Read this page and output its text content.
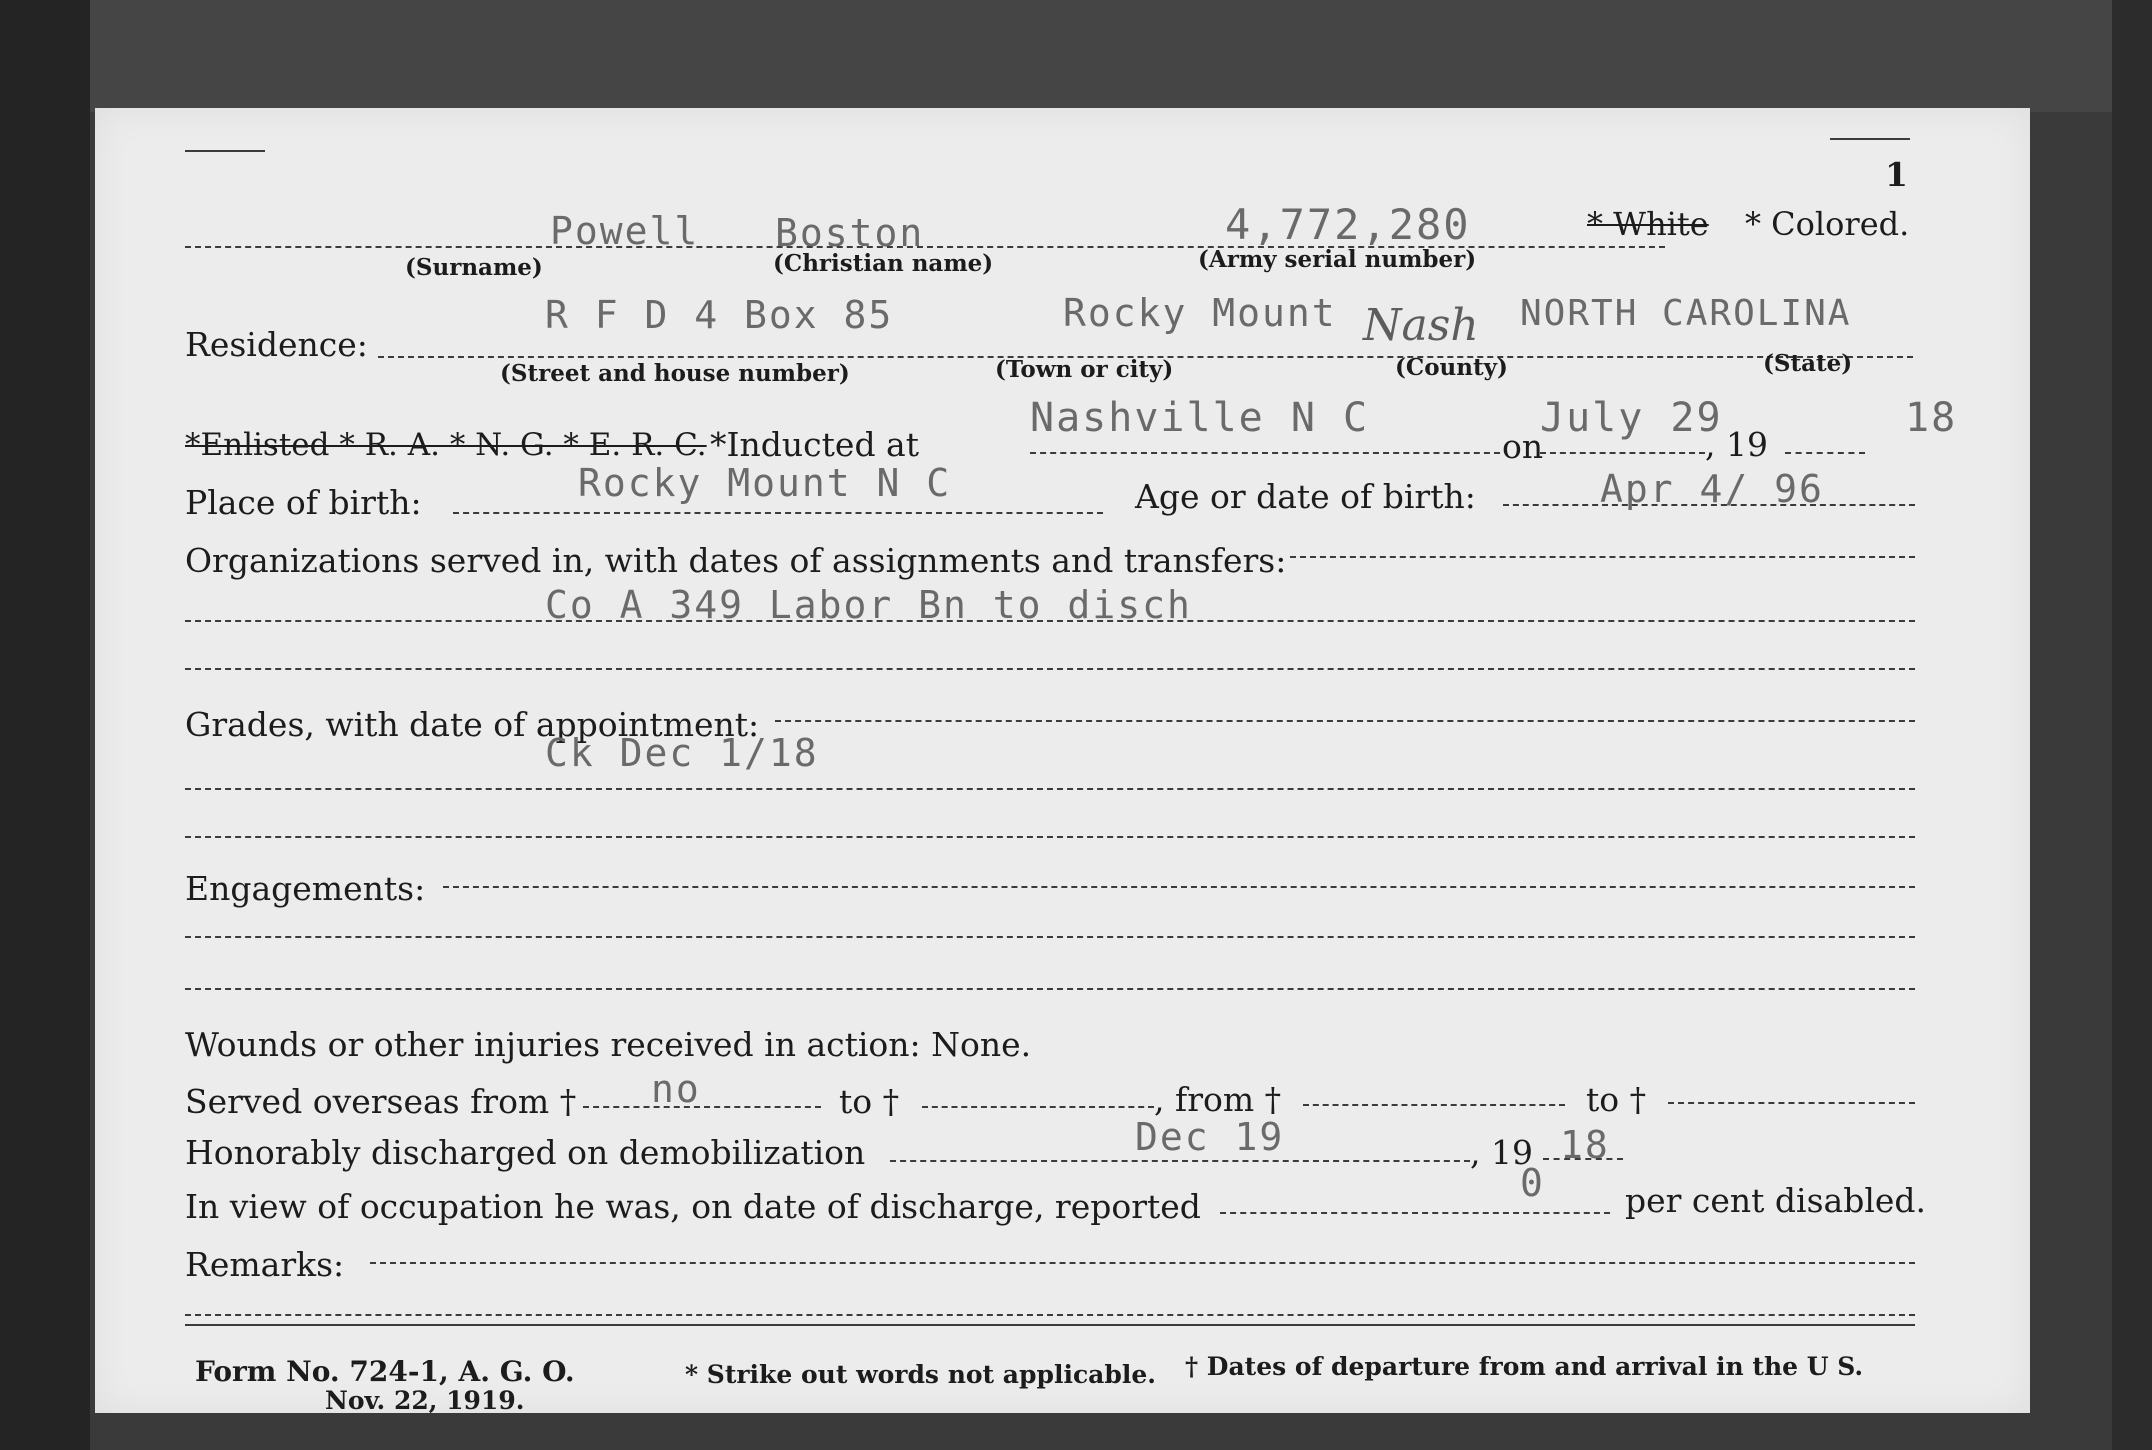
1
Powell Boston	4,772,280	* White * Colored.
(Surname)	(Christian name)	(Army serial number)
Residence:
R F D 4 Box 85	Rocky Mount Nash NORTH CAROLINA
(Street and house number)	(Town or city)	(County)	(State)
*Enlisted * R. A. * N. G. * E. R. C. *Inducted at
Nashville N C
on
July 29
, 19
18
Place of birth:	Rocky Mount N C	Age or date of birth:	Apr 4/ 96
Organizations served in, with dates of assignments and transfers:
Co A 349 Labor Bn to disch
Grades, with date of appointment:
Ck Dec 1/18
Engagements:
Wounds or other injuries received in action: None.
Served overseas from † no	to †	, from †	to †
Honorably discharged on demobilization	Dec 19	, 19 18
In view of occupation he was, on date of discharge, reported
0 per cent disabled.
Remarks:
Form No. 724-1, A. G. O.
Nov. 22, 1919.
* Strike out words not applicable. † Dates of departure from and arrival in the U S.
